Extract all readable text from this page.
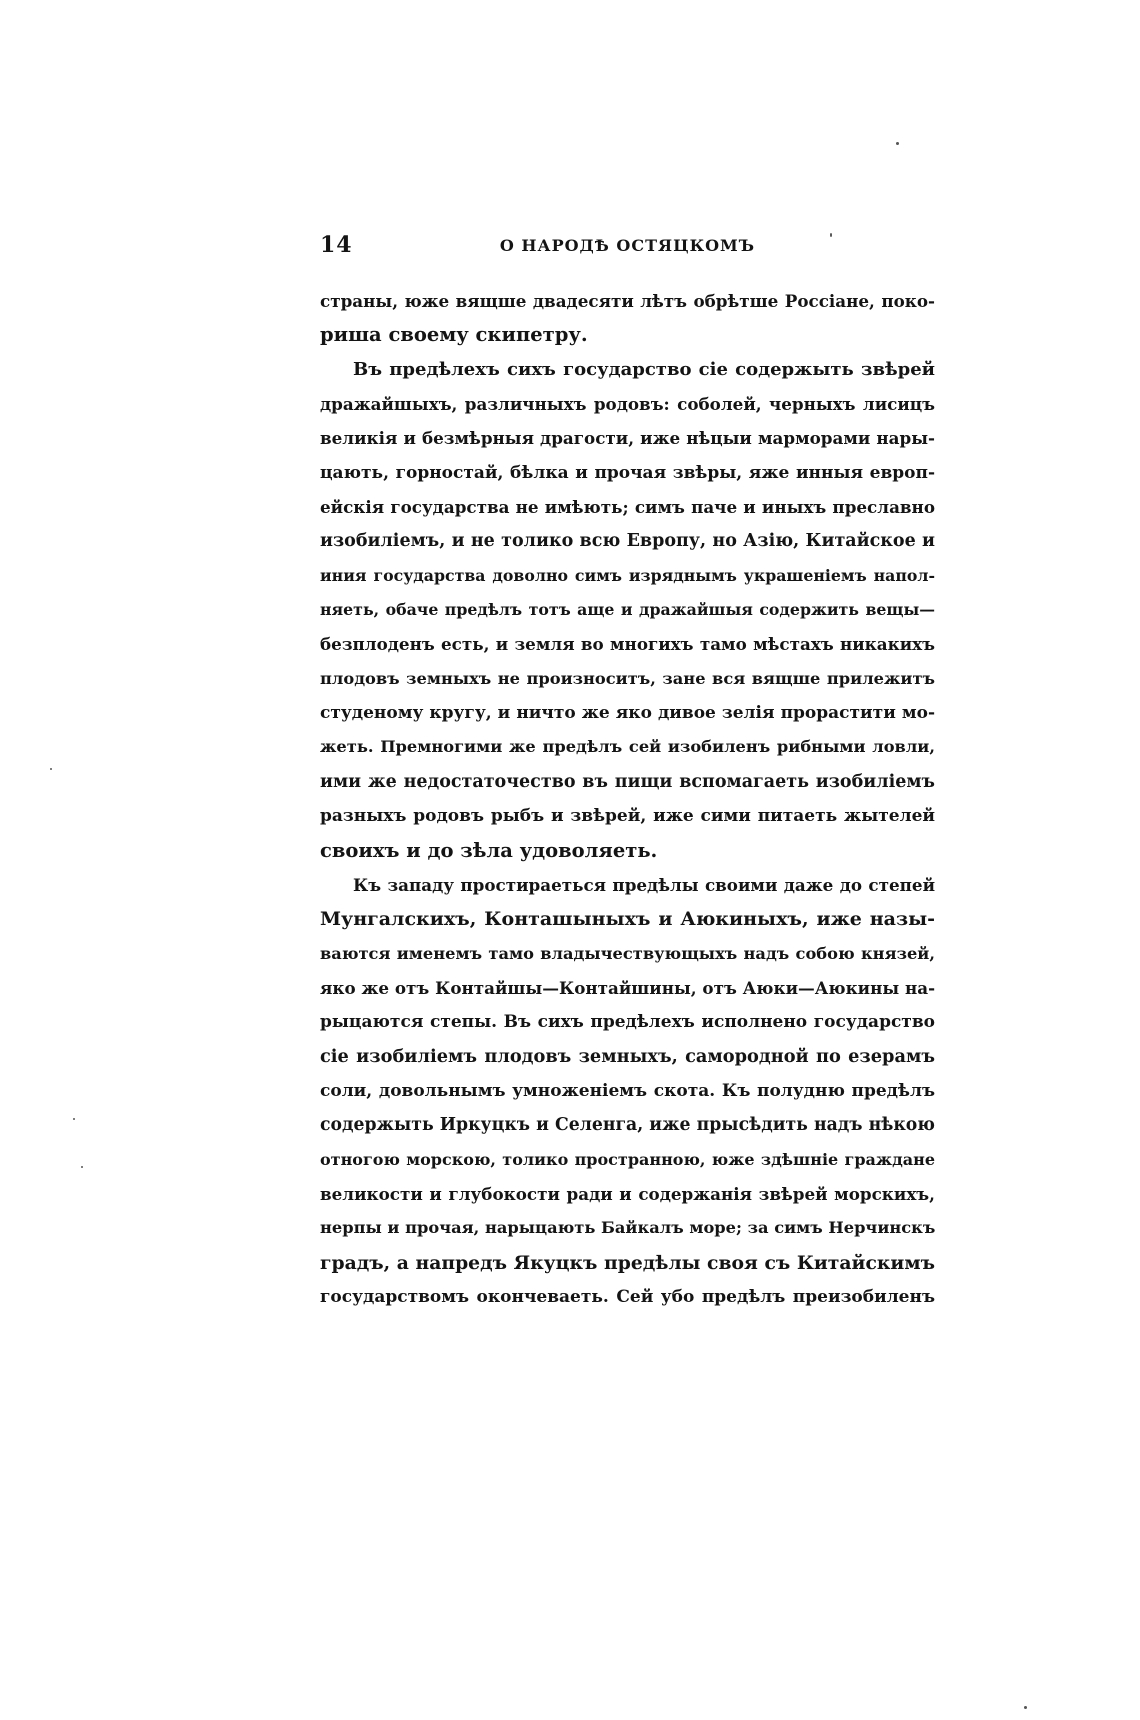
14	О НАРОДѢ ОСТЯЦКОМЪ
страны, юже вящше двадесяти лѣтъ обрѣтше Россiане, поко-
риша своему скипетру.
Въ предѣлехъ сихъ государство сiе содержыть звѣрей
дражайшыхъ, различныхъ родовъ: соболей, черныхъ лисицъ
великiя и безмѣрныя драгости, иже нѣцыи марморами нары-
цають, горностай, бѣлка и прочая звѣры, яже инныя европ-
ейскiя государства не имѣють; симъ паче и иныхъ преславно
изобилiемъ, и не толико всю Европу, но Азiю, Китайское и
иния государства доволно симъ изряднымъ украшенiемъ напол-
няеть, обаче предѣлъ тотъ аще и дражайшыя содержить вещы—
безплоденъ есть, и земля во многихъ тамо мѣстахъ никакихъ
плодовъ земныхъ не произноситъ, зане вся вящше прилежитъ
студеному кругу, и ничто же яко дивое зелiя прорастити мо-
жеть. Премногими же предѣлъ сей изобиленъ рибными ловли,
ими же недостаточество въ пищи вспомагаеть изобилiемъ
разныхъ родовъ рыбъ и звѣрей, иже сими питаеть жытелей
своихъ и до зѣла удоволяеть.
Къ западу простираеться предѣлы своими даже до степей
Мунгалскихъ, Конташыныхъ и Аюкиныхъ, иже назы-
ваются именемъ тамо владычествующыхъ надъ собою князей,
яко же отъ Контайшы—Контайшины, отъ Аюки—Аюкины на-
рыцаются степы. Въ сихъ предѣлехъ исполнено государство
сiе изобилiемъ плодовъ земныхъ, самородной по езерамъ
соли, довольнымъ умноженiемъ скота. Къ полудню предѣлъ
содержыть Иркуцкъ и Селенга, иже прысѣдить надъ нѣкою
отногою морскою, толико пространною, юже здѣшнiе граждане
великости и глубокости ради и содержанiя звѣрей морскихъ,
нерпы и прочая, нарыцають Байкалъ море; за симъ Нерчинскъ
градъ, а напредъ Якуцкъ предѣлы своя съ Китайскимъ
государствомъ окончеваеть. Сей убо предѣлъ преизобиленъ
